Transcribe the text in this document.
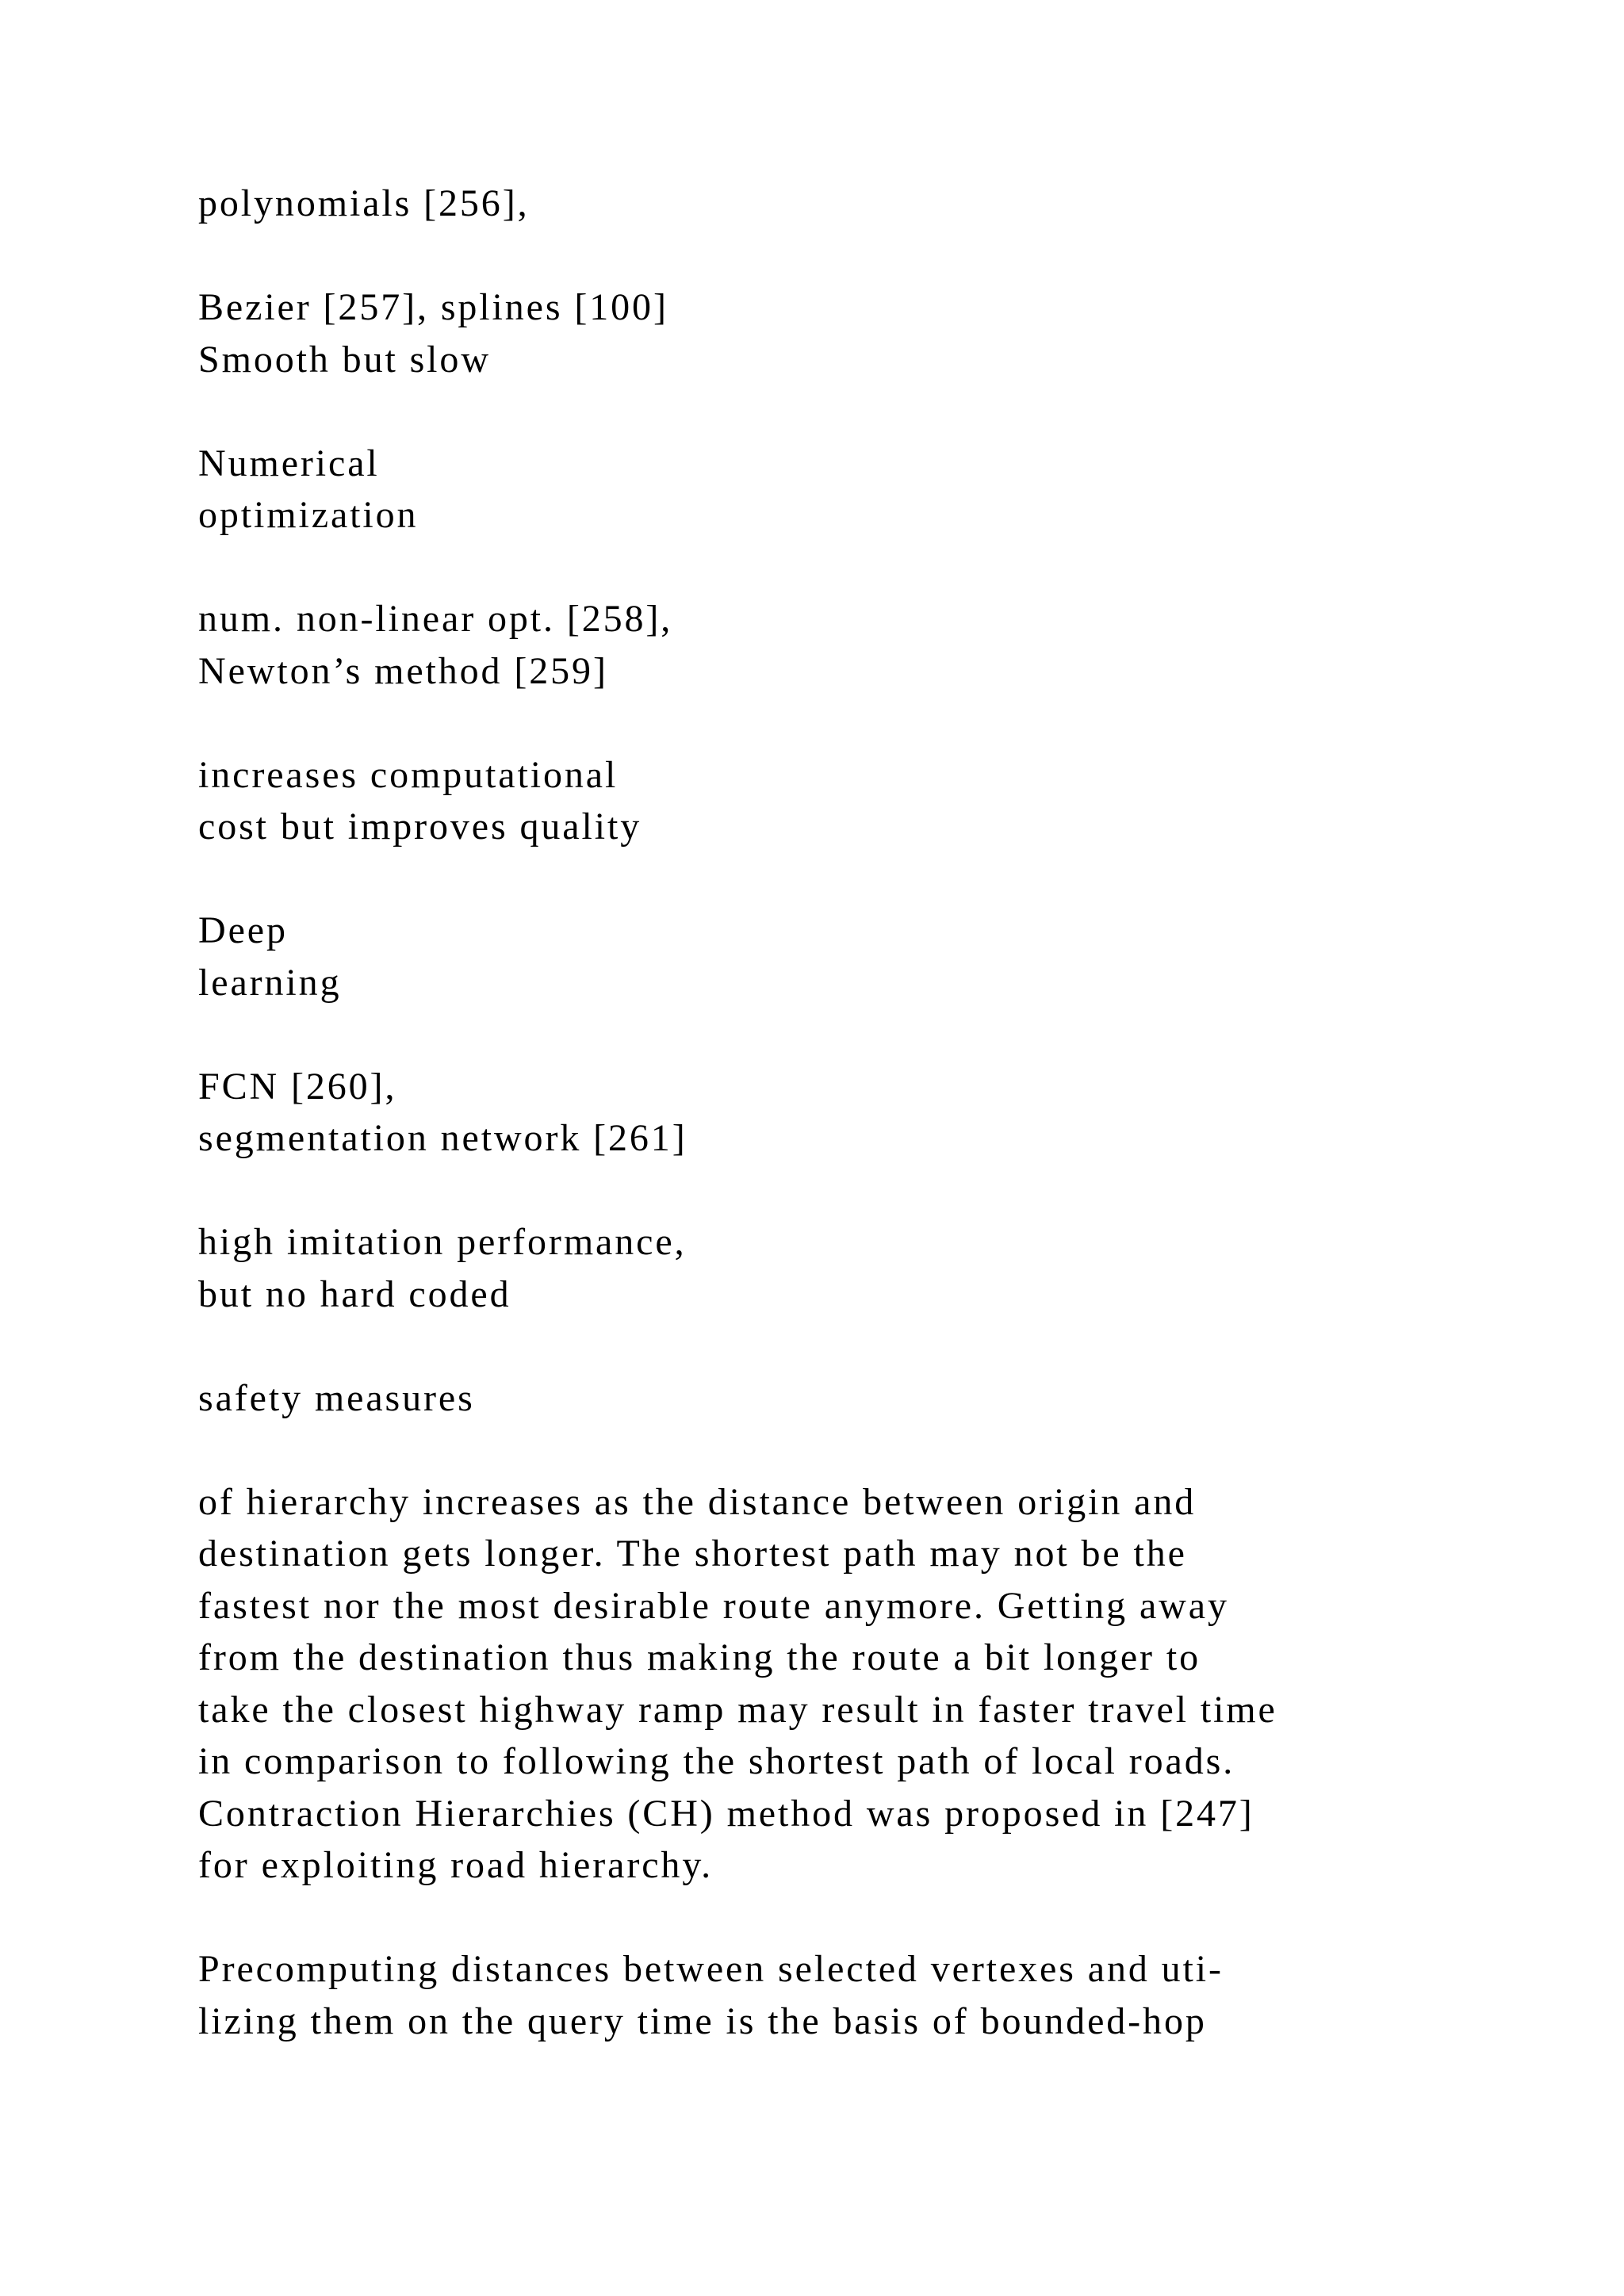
polynomials [256],

Bezier [257], splines [100]

Smooth but slow

Numerical
optimization

num. non-linear opt. [258],
Newton’s method [259]

increases computational
cost but improves quality

Deep
learning

FCN [260],
segmentation network [261]

high imitation performance,
but no hard coded

safety measures

of hierarchy increases as the distance between origin and
destination gets longer. The shortest path may not be the
fastest nor the most desirable route anymore. Getting away
from the destination thus making the route a bit longer to
take the closest highway ramp may result in faster travel time
in comparison to following the shortest path of local roads.
Contraction Hierarchies (CH) method was proposed in [247]
for exploiting road hierarchy.

Precomputing distances between selected vertexes and uti-
lizing them on the query time is the basis of bounded-hop
